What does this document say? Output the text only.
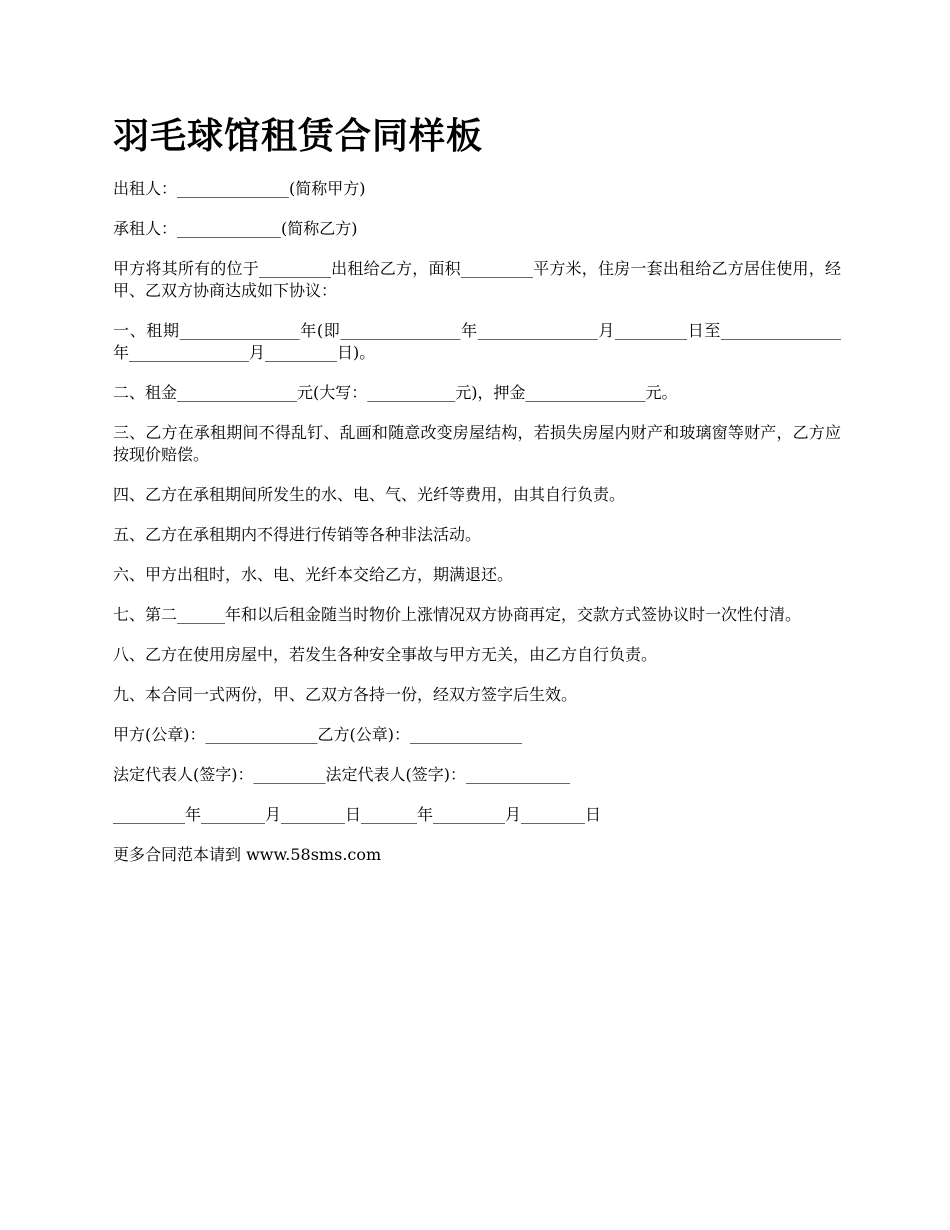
羽毛球馆租赁合同样板

出租人：______________(简称甲方)

承租人：_____________(简称乙方)

甲方将其所有的位于_________出租给乙方，面积_________平方米，住房一套出租给乙方居住使用，经甲、乙双方协商达成如下协议：

一、租期_______________年(即_______________年_______________月_________日至_______________年_______________月_________日)。

二、租金_______________元(大写：___________元)，押金_______________元。

三、乙方在承租期间不得乱钉、乱画和随意改变房屋结构，若损失房屋内财产和玻璃窗等财产，乙方应按现价赔偿。

四、乙方在承租期间所发生的水、电、气、光纤等费用，由其自行负责。

五、乙方在承租期内不得进行传销等各种非法活动。

六、甲方出租时，水、电、光纤本交给乙方，期满退还。

七、第二______年和以后租金随当时物价上涨情况双方协商再定，交款方式签协议时一次性付清。

八、乙方在使用房屋中，若发生各种安全事故与甲方无关，由乙方自行负责。

九、本合同一式两份，甲、乙双方各持一份，经双方签字后生效。

甲方(公章)：______________乙方(公章)：______________

法定代表人(签字)：_________法定代表人(签字)：_____________

_________年________月________日_______年_________月________日

更多合同范本请到 www.58sms.com
